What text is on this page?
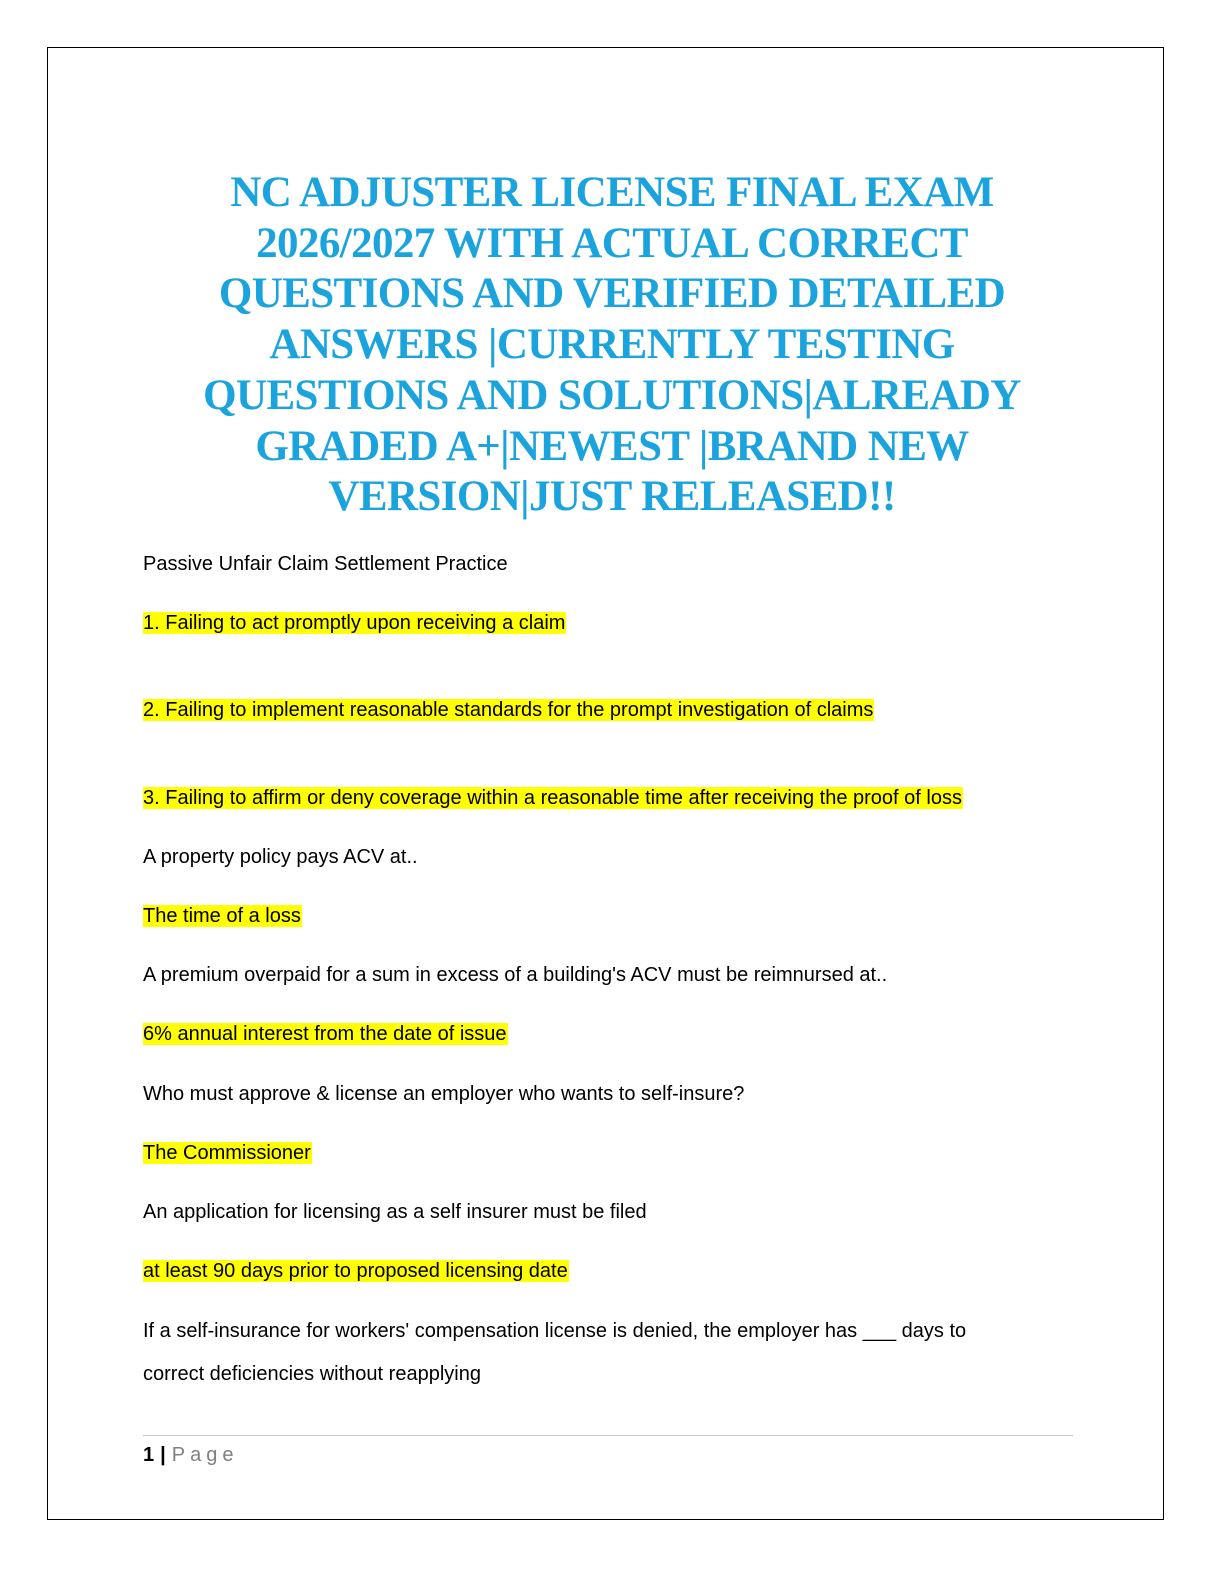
NC ADJUSTER LICENSE FINAL EXAM
2026/2027 WITH ACTUAL CORRECT
QUESTIONS AND VERIFIED DETAILED
ANSWERS |CURRENTLY TESTING
QUESTIONS AND SOLUTIONS|ALREADY
GRADED A+|NEWEST |BRAND NEW
VERSION|JUST RELEASED!!
Passive Unfair Claim Settlement Practice
1. Failing to act promptly upon receiving a claim
2. Failing to implement reasonable standards for the prompt investigation of claims
3. Failing to affirm or deny coverage within a reasonable time after receiving the proof of loss
A property policy pays ACV at..
The time of a loss
A premium overpaid for a sum in excess of a building's ACV must be reimnursed at..
6% annual interest from the date of issue
Who must approve & license an employer who wants to self-insure?
The Commissioner
An application for licensing as a self insurer must be filed
at least 90 days prior to proposed licensing date
If a self-insurance for workers' compensation license is denied, the employer has ___ days to
correct deficiencies without reapplying
1 | Page
